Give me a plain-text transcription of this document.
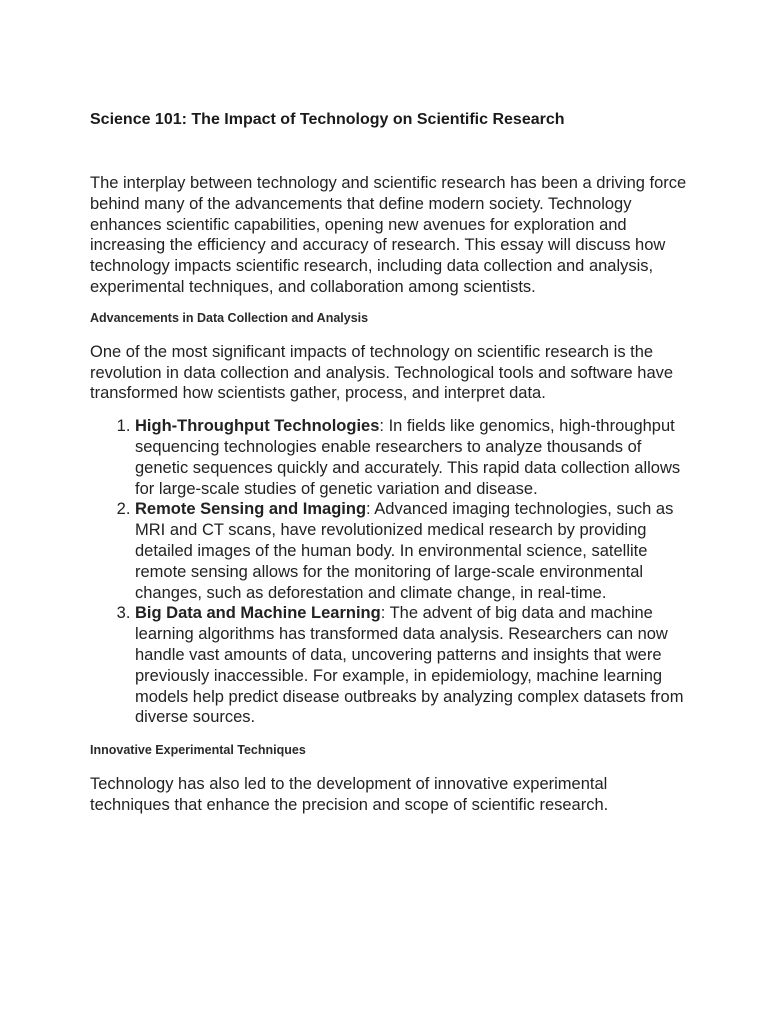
Science 101: The Impact of Technology on Scientific Research

The interplay between technology and scientific research has been a driving force behind many of the advancements that define modern society. Technology enhances scientific capabilities, opening new avenues for exploration and increasing the efficiency and accuracy of research. This essay will discuss how technology impacts scientific research, including data collection and analysis, experimental techniques, and collaboration among scientists.

Advancements in Data Collection and Analysis

One of the most significant impacts of technology on scientific research is the revolution in data collection and analysis. Technological tools and software have transformed how scientists gather, process, and interpret data.

1. High-Throughput Technologies: In fields like genomics, high-throughput sequencing technologies enable researchers to analyze thousands of genetic sequences quickly and accurately. This rapid data collection allows for large-scale studies of genetic variation and disease.
2. Remote Sensing and Imaging: Advanced imaging technologies, such as MRI and CT scans, have revolutionized medical research by providing detailed images of the human body. In environmental science, satellite remote sensing allows for the monitoring of large-scale environmental changes, such as deforestation and climate change, in real-time.
3. Big Data and Machine Learning: The advent of big data and machine learning algorithms has transformed data analysis. Researchers can now handle vast amounts of data, uncovering patterns and insights that were previously inaccessible. For example, in epidemiology, machine learning models help predict disease outbreaks by analyzing complex datasets from diverse sources.
Innovative Experimental Techniques

Technology has also led to the development of innovative experimental techniques that enhance the precision and scope of scientific research.
